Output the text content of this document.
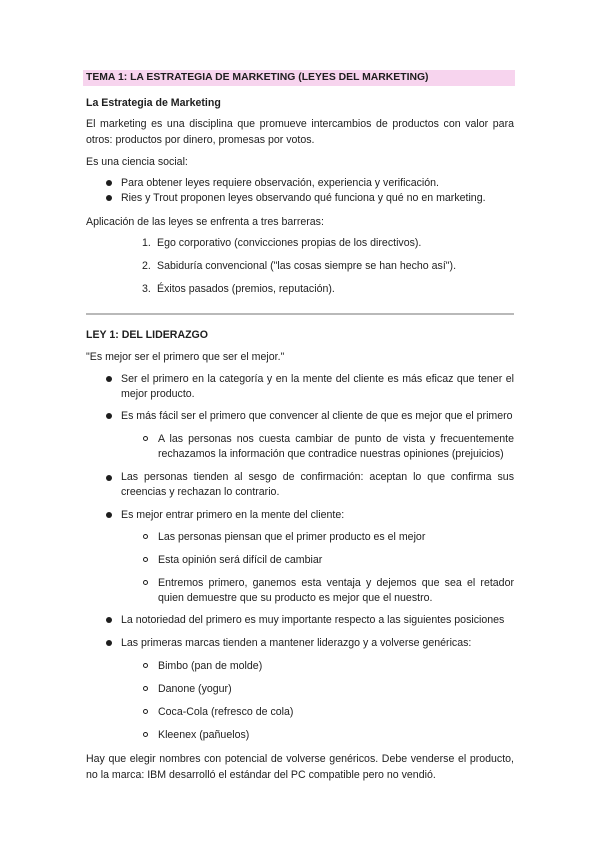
TEMA 1: LA ESTRATEGIA DE MARKETING (LEYES DEL MARKETING)
La Estrategia de Marketing
El marketing es una disciplina que promueve intercambios de productos con valor para otros: productos por dinero, promesas por votos.
Es una ciencia social:
Para obtener leyes requiere observación, experiencia y verificación.
Ries y Trout proponen leyes observando qué funciona y qué no en marketing.
Aplicación de las leyes se enfrenta a tres barreras:
1. Ego corporativo (convicciones propias de los directivos).
2. Sabiduría convencional ("las cosas siempre se han hecho así").
3. Éxitos pasados (premios, reputación).
LEY 1: DEL LIDERAZGO
"Es mejor ser el primero que ser el mejor."
Ser el primero en la categoría y en la mente del cliente es más eficaz que tener el mejor producto.
Es más fácil ser el primero que convencer al cliente de que es mejor que el primero
A las personas nos cuesta cambiar de punto de vista y frecuentemente rechazamos la información que contradice nuestras opiniones (prejuicios)
Las personas tienden al sesgo de confirmación: aceptan lo que confirma sus creencias y rechazan lo contrario.
Es mejor entrar primero en la mente del cliente:
Las personas piensan que el primer producto es el mejor
Esta opinión será difícil de cambiar
Entremos primero, ganemos esta ventaja y dejemos que sea el retador quien demuestre que su producto es mejor que el nuestro.
La notoriedad del primero es muy importante respecto a las siguientes posiciones
Las primeras marcas tienden a mantener liderazgo y a volverse genéricas:
Bimbo (pan de molde)
Danone (yogur)
Coca-Cola (refresco de cola)
Kleenex (pañuelos)
Hay que elegir nombres con potencial de volverse genéricos. Debe venderse el producto, no la marca: IBM desarrolló el estándar del PC compatible pero no vendió.
